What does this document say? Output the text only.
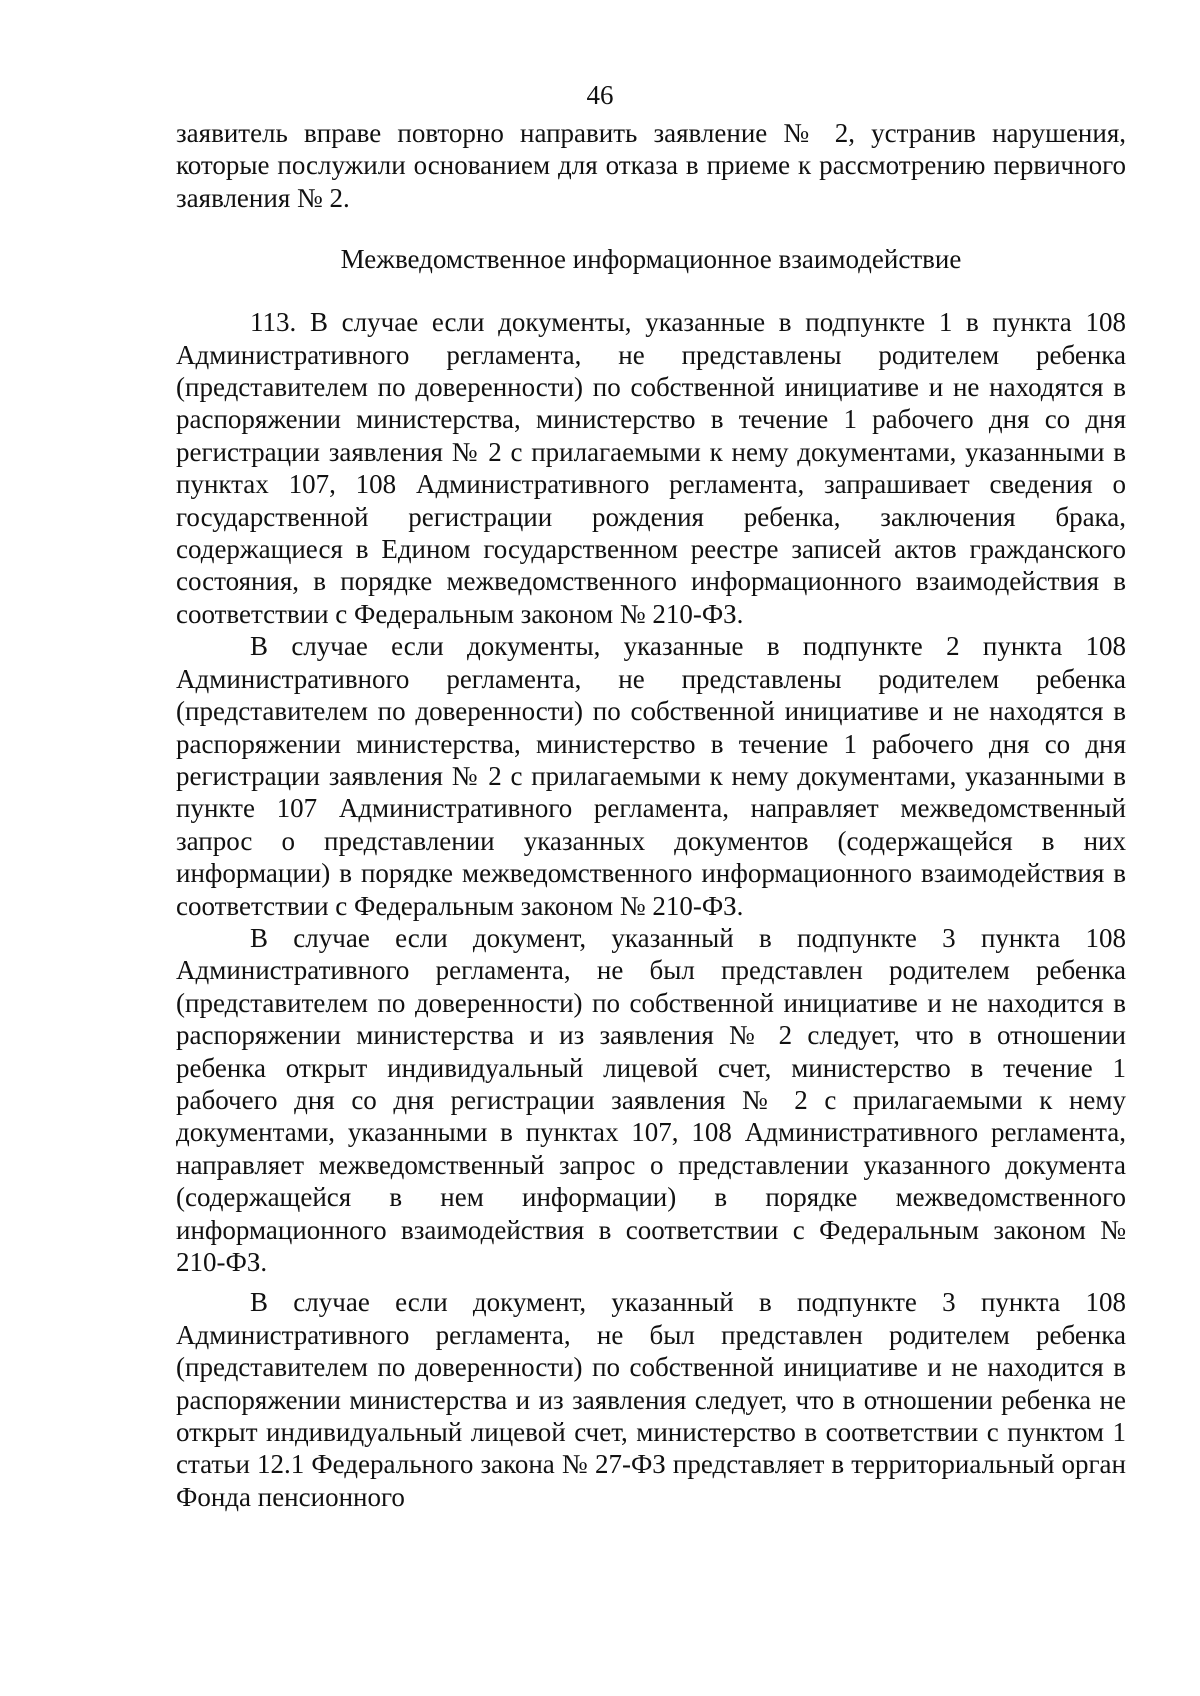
46

заявитель вправе повторно направить заявление № 2, устранив нарушения, которые послужили основанием для отказа в приеме к рассмотрению первичного заявления № 2.

Межведомственное информационное взаимодействие

113. В случае если документы, указанные в подпункте 1 в пункта 108 Административного регламента, не представлены родителем ребенка (представителем по доверенности) по собственной инициативе и не находятся в распоряжении министерства, министерство в течение 1 рабочего дня со дня регистрации заявления № 2 с прилагаемыми к нему документами, указанными в пунктах 107, 108 Административного регламента, запрашивает сведения о государственной регистрации рождения ребенка, заключения брака, содержащиеся в Едином государственном реестре записей актов гражданского состояния, в порядке межведомственного информационного взаимодействия в соответствии с Федеральным законом № 210-ФЗ.

В случае если документы, указанные в подпункте 2 пункта 108 Административного регламента, не представлены родителем ребенка (представителем по доверенности) по собственной инициативе и не находятся в распоряжении министерства, министерство в течение 1 рабочего дня со дня регистрации заявления № 2 с прилагаемыми к нему документами, указанными в пункте 107 Административного регламента, направляет межведомственный запрос о представлении указанных документов (содержащейся в них информации) в порядке межведомственного информационного взаимодействия в соответствии с Федеральным законом № 210-ФЗ.

В случае если документ, указанный в подпункте 3 пункта 108 Административного регламента, не был представлен родителем ребенка (представителем по доверенности) по собственной инициативе и не находится в распоряжении министерства и из заявления № 2 следует, что в отношении ребенка открыт индивидуальный лицевой счет, министерство в течение 1 рабочего дня со дня регистрации заявления № 2 с прилагаемыми к нему документами, указанными в пунктах 107, 108 Административного регламента, направляет межведомственный запрос о представлении указанного документа (содержащейся в нем информации) в порядке межведомственного информационного взаимодействия в соответствии с Федеральным законом № 210-ФЗ.

В случае если документ, указанный в подпункте 3 пункта 108 Административного регламента, не был представлен родителем ребенка (представителем по доверенности) по собственной инициативе и не находится в распоряжении министерства и из заявления следует, что в отношении ребенка не открыт индивидуальный лицевой счет, министерство в соответствии с пунктом 1 статьи 12.1 Федерального закона № 27-ФЗ представляет в территориальный орган Фонда пенсионного
